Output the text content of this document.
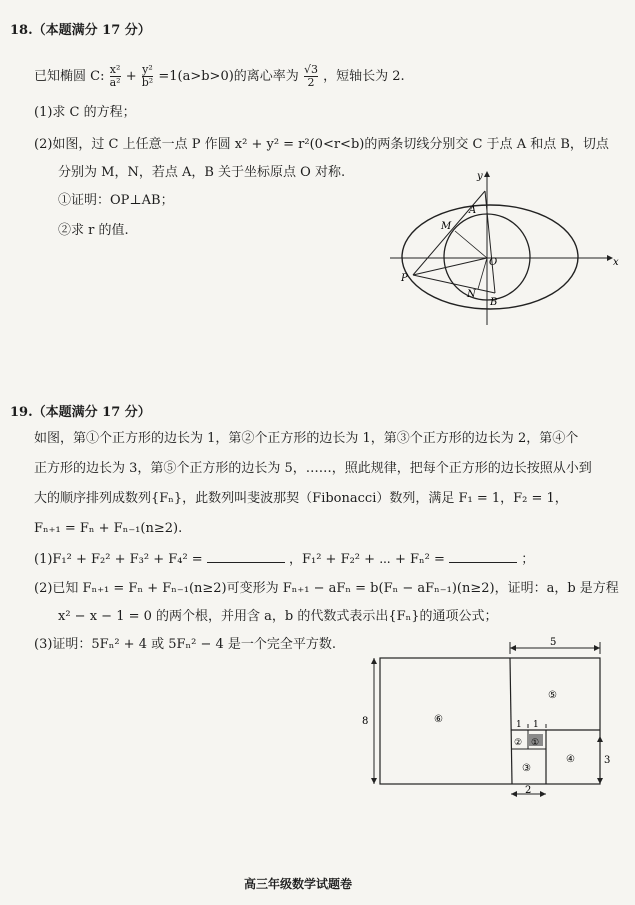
18.（本题满分 17 分）
已知椭圆 C: $\frac{\text{x²}}{\text{a²}} + \frac{\text{y²}}{\text{b²}} =1(a>b>0)$的离心率为 $\frac{√3}{2}$ ，短轴长为 2.
(1)求 C 的方程；
(2)如图，过 C 上任意一点 P 作圆 x² + y² = r²(0<r<b)的两条切线分别交 C 于点 A 和点 B，切点
分别为 M，N，若点 A，B 关于坐标原点 O 对称.
①证明：OP⊥AB；
②求 r 的值.
y
x
A
M
O
P
N
B
19.（本题满分 17 分）
如图，第①个正方形的边长为 1，第②个正方形的边长为 1，第③个正方形的边长为 2，第④个
正方形的边长为 3，第⑤个正方形的边长为 5，……，照此规律，把每个正方形的边长按照从小到
大的顺序排列成数列{Fₙ}，此数列叫斐波那契（Fibonacci）数列，满足 F₁ = 1，F₂ = 1，
Fₙ₊₁ = Fₙ + Fₙ₋₁(n≥2).
(1)F₁² + F₂² + F₃² + F₄² =	，F₁² + F₂² + ⋯ + Fₙ² =	；
(2)已知 Fₙ₊₁ = Fₙ + Fₙ₋₁(n≥2)可变形为 Fₙ₊₁ − aFₙ = b(Fₙ − aFₙ₋₁)(n≥2)，证明：a，b 是方程
x² − x − 1 = 0 的两个根，并用含 a，b 的代数式表示出{Fₙ}的通项公式；
(3)证明：5Fₙ² + 4 或 5Fₙ² − 4 是一个完全平方数.	5
8	1 1
3
2
⑥
⑤
② ①
③
④
高三年级数学试题卷
